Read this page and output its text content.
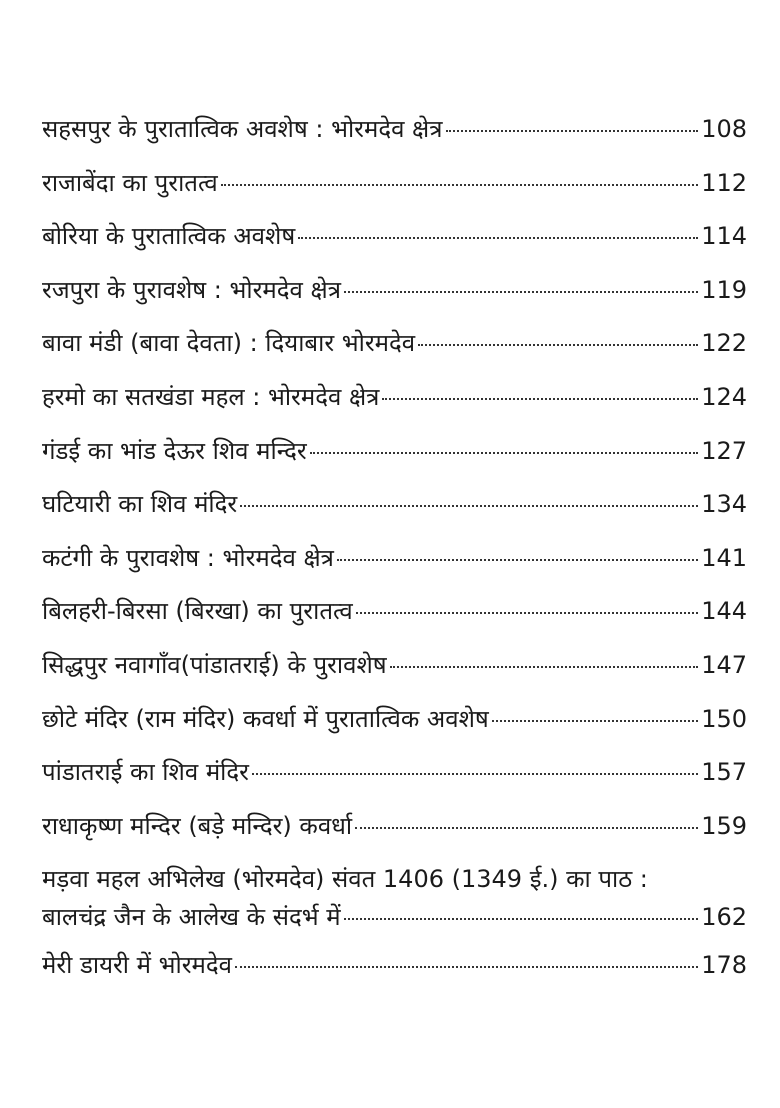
सहसपुर के पुरातात्विक अवशेष : भोरमदेव क्षेत्र	108
राजाबेंदा का पुरातत्व	112
बोरिया के पुरातात्विक अवशेष	114
रजपुरा के पुरावशेष : भोरमदेव क्षेत्र	119
बावा मंडी (बावा देवता) : दियाबार भोरमदेव	122
हरमो का सतखंडा महल : भोरमदेव क्षेत्र	124
गंडई का भांड देऊर शिव मन्दिर	127
घटियारी का शिव मंदिर	134
कटंगी के पुरावशेष : भोरमदेव क्षेत्र	141
बिलहरी-बिरसा (बिरखा) का पुरातत्व	144
सिद्धपुर नवागाँव(पांडातराई) के पुरावशेष	147
छोटे मंदिर (राम मंदिर) कवर्धा में पुरातात्विक अवशेष	150
पांडातराई का शिव मंदिर	157
राधाकृष्ण मन्दिर (बड़े मन्दिर) कवर्धा	159
मड़वा महल अभिलेख (भोरमदेव) संवत 1406 (1349 ई.) का पाठ :
बालचंद्र जैन के आलेख के संदर्भ में	162
मेरी डायरी में भोरमदेव	178
